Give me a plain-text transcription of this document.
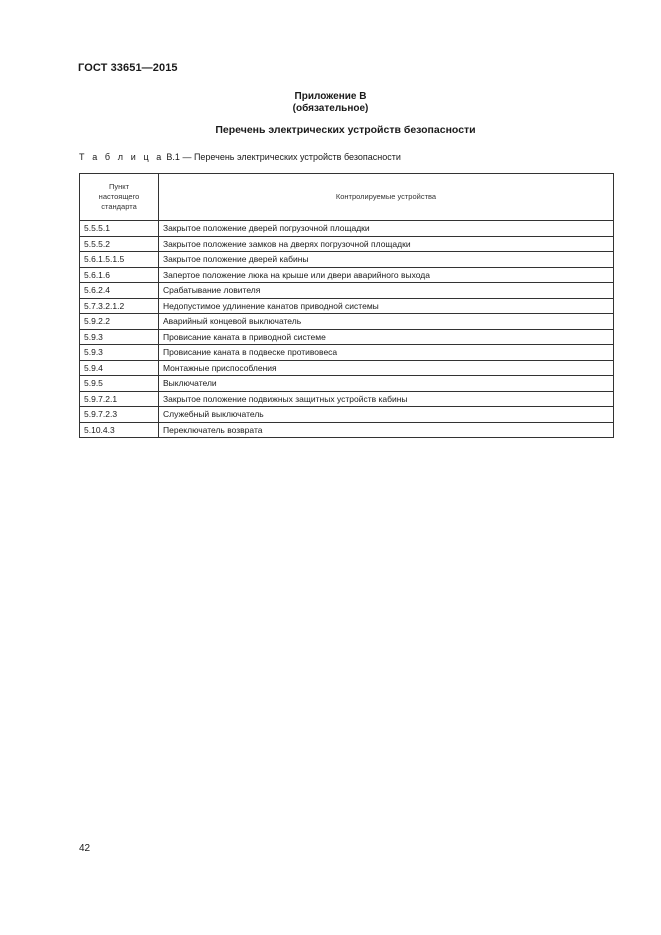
ГОСТ 33651—2015
Приложение В
(обязательное)
Перечень электрических устройств безопасности
Т а б л и ц а В.1 — Перечень электрических устройств безопасности
Пункт
настоящего
стандарта	Контролируемые устройства
5.5.5.1	Закрытое положение дверей погрузочной площадки
5.5.5.2	Закрытое положение замков на дверях погрузочной площадки
5.6.1.5.1.5	Закрытое положение дверей кабины
5.6.1.6	Запертое положение люка на крыше или двери аварийного выхода
5.6.2.4	Срабатывание ловителя
5.7.3.2.1.2	Недопустимое удлинение канатов приводной системы
5.9.2.2	Аварийный концевой выключатель
5.9.3	Провисание каната в приводной системе
5.9.3	Провисание каната в подвеске противовеса
5.9.4	Монтажные приспособления
5.9.5	Выключатели
5.9.7.2.1	Закрытое положение подвижных защитных устройств кабины
5.9.7.2.3	Служебный выключатель
5.10.4.3	Переключатель возврата
42
